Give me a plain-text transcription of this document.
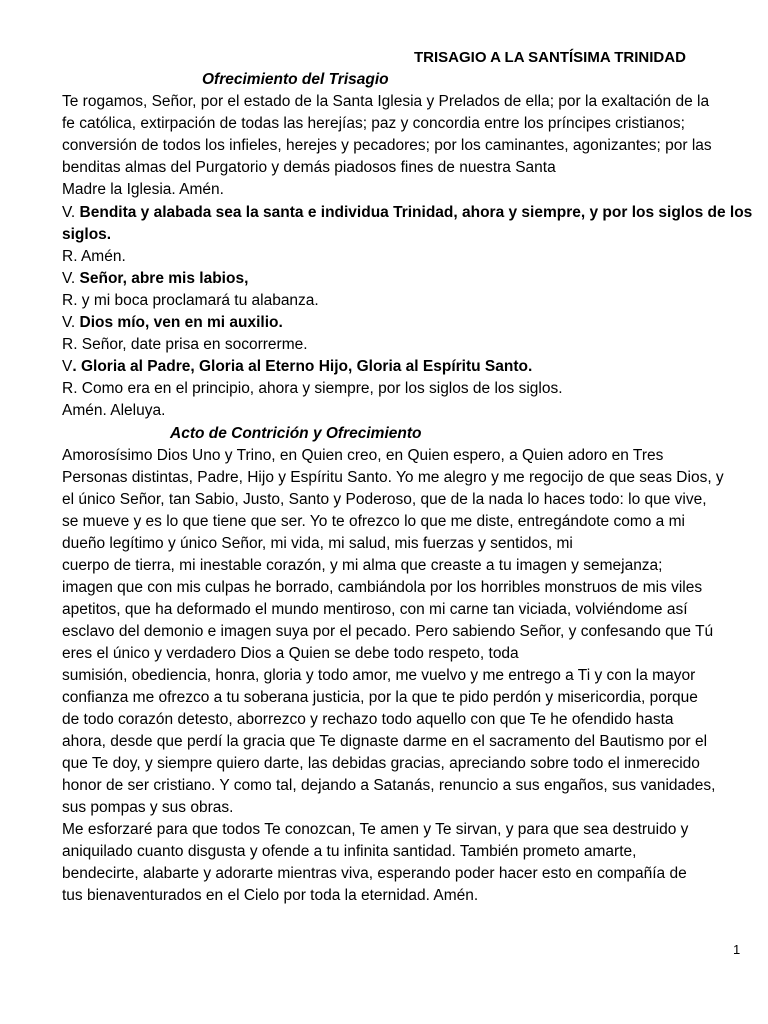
TRISAGIO A LA SANTÍSIMA TRINIDAD
Ofrecimiento del Trisagio
Te rogamos, Señor, por el estado de la Santa Iglesia y Prelados de ella; por la exaltación de la
fe católica, extirpación de todas las herejías; paz y concordia entre los príncipes cristianos;
conversión de todos los infieles, herejes y pecadores; por los caminantes, agonizantes; por las
benditas almas del Purgatorio y demás piadosos fines de nuestra Santa
Madre la Iglesia. Amén.
V. Bendita y alabada sea la santa e individua Trinidad, ahora y siempre, y por los siglos de los
siglos.
R. Amén.
V. Señor, abre mis labios,
R. y mi boca proclamará tu alabanza.
V. Dios mío, ven en mi auxilio.
R. Señor, date prisa en socorrerme.
V. Gloria al Padre, Gloria al Eterno Hijo, Gloria al Espíritu Santo.
R. Como era en el principio, ahora y siempre, por los siglos de los siglos.
Amén. Aleluya.
Acto de Contrición y Ofrecimiento
Amorosísimo Dios Uno y Trino, en Quien creo, en Quien espero, a Quien adoro en Tres
Personas distintas, Padre, Hijo y Espíritu Santo. Yo me alegro y me regocijo de que seas Dios, y
el único Señor, tan Sabio, Justo, Santo y Poderoso, que de la nada lo haces todo: lo que vive,
se mueve y es lo que tiene que ser. Yo te ofrezco lo que me diste, entregándote como a mi
dueño legítimo y único Señor, mi vida, mi salud, mis fuerzas y sentidos, mi
cuerpo de tierra, mi inestable corazón, y mi alma que creaste a tu imagen y semejanza;
imagen que con mis culpas he borrado, cambiándola por los horribles monstruos de mis viles
apetitos, que ha deformado el mundo mentiroso, con mi carne tan viciada, volviéndome así
esclavo del demonio e imagen suya por el pecado. Pero sabiendo Señor, y confesando que Tú
eres el único y verdadero Dios a Quien se debe todo respeto, toda
sumisión, obediencia, honra, gloria y todo amor, me vuelvo y me entrego a Ti y con la mayor
confianza me ofrezco a tu soberana justicia, por la que te pido perdón y misericordia, porque
de todo corazón detesto, aborrezco y rechazo todo aquello con que Te he ofendido hasta
ahora, desde que perdí la gracia que Te dignaste darme en el sacramento del Bautismo por el
que Te doy, y siempre quiero darte, las debidas gracias, apreciando sobre todo el inmerecido
honor de ser cristiano. Y como tal, dejando a Satanás, renuncio a sus engaños, sus vanidades,
sus pompas y sus obras.
Me esforzaré para que todos Te conozcan, Te amen y Te sirvan, y para que sea destruido y
aniquilado cuanto disgusta y ofende a tu infinita santidad. También prometo amarte,
bendecirte, alabarte y adorarte mientras viva, esperando poder hacer esto en compañía de
tus bienaventurados en el Cielo por toda la eternidad. Amén.
1
